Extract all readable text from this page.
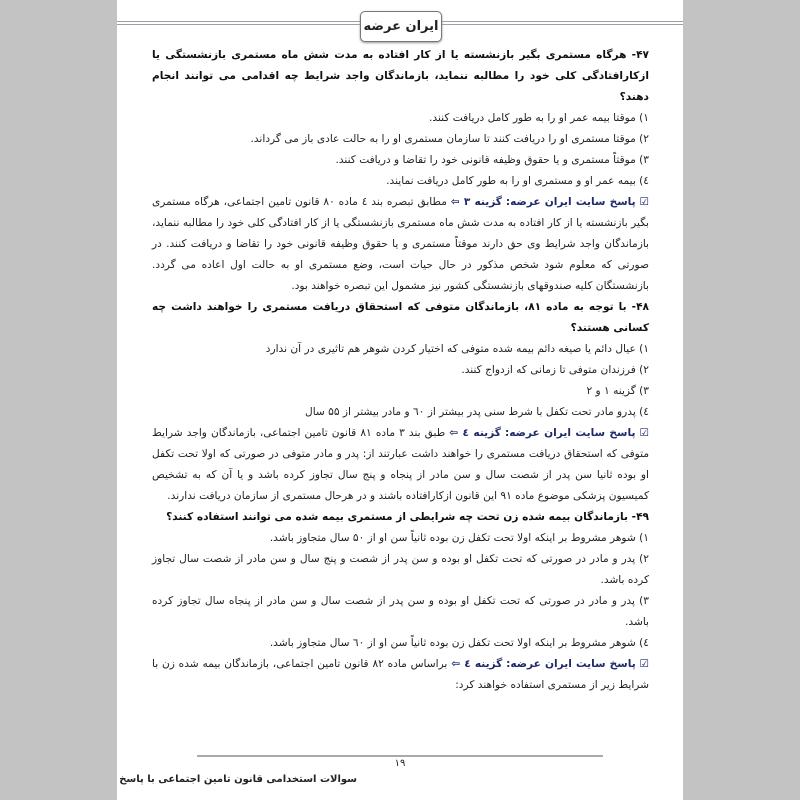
ایران عرضه

۴۷- هرگاه مستمری بگیر بازنشسته یا از کار افتاده به مدت شش ماه مستمری بازنشستگی یا ازکارافتادگی کلی خود را مطالبه ننماید، بازماندگان واجد شرایط چه اقدامی می توانند انجام دهند؟

۱) موقتا بیمه عمر او را به طور کامل دریافت کنند.

۲) موقتا مستمری او را دریافت کنند تا سازمان مستمری او را به حالت عادی باز می گرداند.

۳) موقتاً مستمری و یا حقوق وظیفه قانونی خود را تقاضا و دریافت کنند.

٤) بیمه عمر او و مستمری او را به طور کامل دریافت نمایند.

☑ پاسخ سایت ایران عرضه: گزینه ۳ ⇦ مطابق تبصره بند ٤ ماده ۸۰ قانون تامین اجتماعی، هرگاه مستمری بگیر بازنشسته یا از کار افتاده به مدت شش ماه مستمری بازنشستگی یا از کار افتادگی کلی خود را مطالبه ننماید، بازماندگان واجد شرایط وی حق دارند موقتاً مستمری و یا حقوق وظیفه قانونی خود را تقاضا و دریافت کنند. در صورتی که معلوم شود شخص مذکور در حال حیات است، وضع مستمری او به حالت اول اعاده می گردد. بازنشستگان کلیه صندوقهای بازنشستگی کشور نیز مشمول این تبصره خواهند بود.

۴۸- با توجه به ماده ۸۱، بازماندگان متوفی که استحقاق دریافت مستمری را خواهند داشت چه کسانی هستند؟

۱) عیال دائم یا صیغه دائم بیمه شده متوفی که اختیار کردن شوهر هم تاثیری در آن ندارد

۲) فرزندان متوفی تا زمانی که ازدواج کنند.

۳) گزینه ۱ و ۲

٤) پدرو مادر تحت تکفل با شرط سنی پدر بیشتر از ٦۰ و مادر بیشتر از ۵۵ سال

☑ پاسخ سایت ایران عرضه: گزینه ٤ ⇦ طبق بند ۳ ماده ۸۱ قانون تامین اجتماعی، بازماندگان واجد شرایط متوفی که استحقاق دریافت مستمری را خواهند داشت عبارتند از: پدر و مادر متوفی در صورتی که اولا تحت تکفل او بوده ثانیا سن پدر از شصت سال و سن مادر از پنجاه و پنج سال تجاوز کرده باشد و یا آن که به تشخیص کمیسیون پزشکی موضوع ماده ۹۱ این قانون ازکارافتاده باشند و در هرحال مستمری از سازمان دریافت ندارند.

۴۹- بازماندگان بیمه شده زن تحت چه شرایطی از مستمری بیمه شده می توانند استفاده کنند؟

۱) شوهر مشروط بر اینکه اولا تحت تکفل زن بوده ثانیاً سن او از ۵۰ سال متجاوز باشد.

۲) پدر و مادر در صورتی که تحت تکفل او بوده و سن پدر از شصت و پنج سال و سن مادر از شصت سال تجاوز کرده باشد.

۳) پدر و مادر در صورتی که تحت تکفل او بوده و سن پدر از شصت سال و سن مادر از پنجاه سال تجاوز کرده باشد.

٤) شوهر مشروط بر اینکه اولا تحت تکفل زن بوده ثانیاً سن او از ٦۰ سال متجاوز باشد.

☑ پاسخ سایت ایران عرضه: گزینه ٤ ⇦ براساس ماده ۸۲ قانون تامین اجتماعی، بازماندگان بیمه شده زن با شرایط زیر از مستمری استفاده خواهند کرد:

۱۹
سوالات استخدامی قانون تامین اجتماعی با پاسخ
